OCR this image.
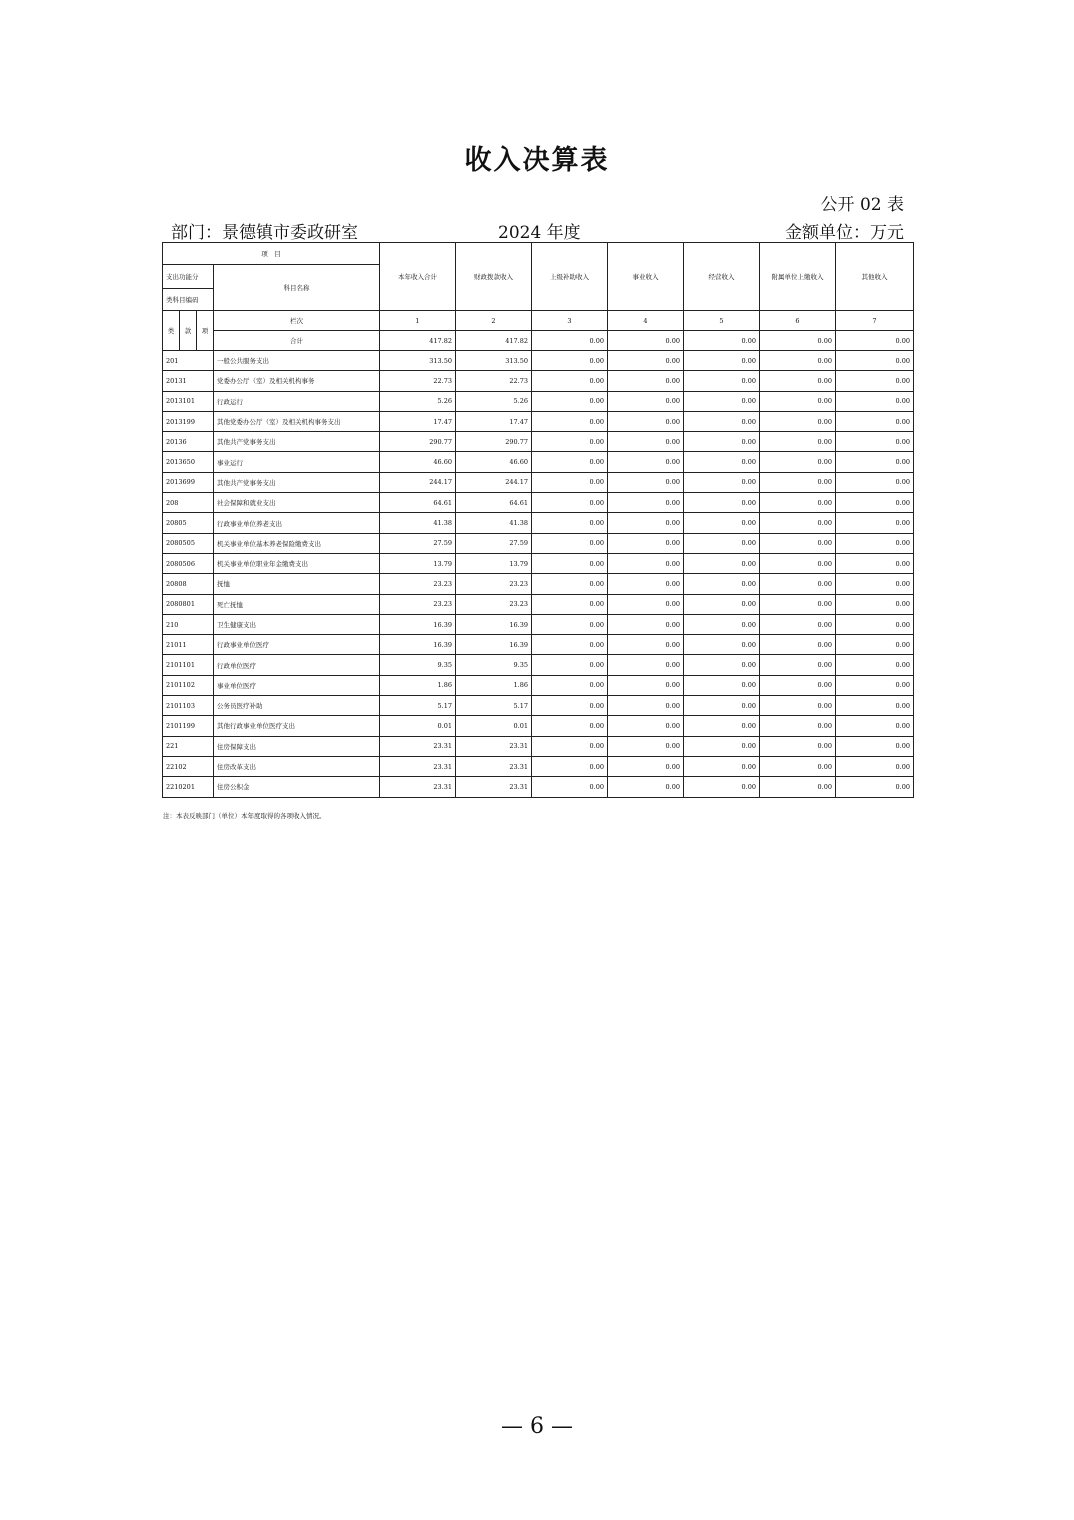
收入决算表
公开 02 表
部门：景德镇市委政研室	2024 年度	金额单位：万元
项　目				本年收入合计	财政拨款收入	上级补助收入	事业收入	经营收入	附属单位上缴收入	其他收入
支出功能分			科目名称							
类科目编码										
类	款	项	栏次	1	2	3	4	5	6	7
			合计	417.82	417.82	0.00	0.00	0.00	0.00	0.00
201			一般公共服务支出	313.50	313.50	0.00	0.00	0.00	0.00	0.00
20131			党委办公厅（室）及相关机构事务	22.73	22.73	0.00	0.00	0.00	0.00	0.00
2013101			行政运行	5.26	5.26	0.00	0.00	0.00	0.00	0.00
2013199			其他党委办公厅（室）及相关机构事务支出	17.47	17.47	0.00	0.00	0.00	0.00	0.00
20136			其他共产党事务支出	290.77	290.77	0.00	0.00	0.00	0.00	0.00
2013650			事业运行	46.60	46.60	0.00	0.00	0.00	0.00	0.00
2013699			其他共产党事务支出	244.17	244.17	0.00	0.00	0.00	0.00	0.00
208			社会保障和就业支出	64.61	64.61	0.00	0.00	0.00	0.00	0.00
20805			行政事业单位养老支出	41.38	41.38	0.00	0.00	0.00	0.00	0.00
2080505			机关事业单位基本养老保险缴费支出	27.59	27.59	0.00	0.00	0.00	0.00	0.00
2080506			机关事业单位职业年金缴费支出	13.79	13.79	0.00	0.00	0.00	0.00	0.00
20808			抚恤	23.23	23.23	0.00	0.00	0.00	0.00	0.00
2080801			死亡抚恤	23.23	23.23	0.00	0.00	0.00	0.00	0.00
210			卫生健康支出	16.39	16.39	0.00	0.00	0.00	0.00	0.00
21011			行政事业单位医疗	16.39	16.39	0.00	0.00	0.00	0.00	0.00
2101101			行政单位医疗	9.35	9.35	0.00	0.00	0.00	0.00	0.00
2101102			事业单位医疗	1.86	1.86	0.00	0.00	0.00	0.00	0.00
2101103			公务员医疗补助	5.17	5.17	0.00	0.00	0.00	0.00	0.00
2101199			其他行政事业单位医疗支出	0.01	0.01	0.00	0.00	0.00	0.00	0.00
221			住房保障支出	23.31	23.31	0.00	0.00	0.00	0.00	0.00
22102			住房改革支出	23.31	23.31	0.00	0.00	0.00	0.00	0.00
2210201			住房公积金	23.31	23.31	0.00	0.00	0.00	0.00	0.00
注：本表反映部门（单位）本年度取得的各项收入情况。
— 6 —
